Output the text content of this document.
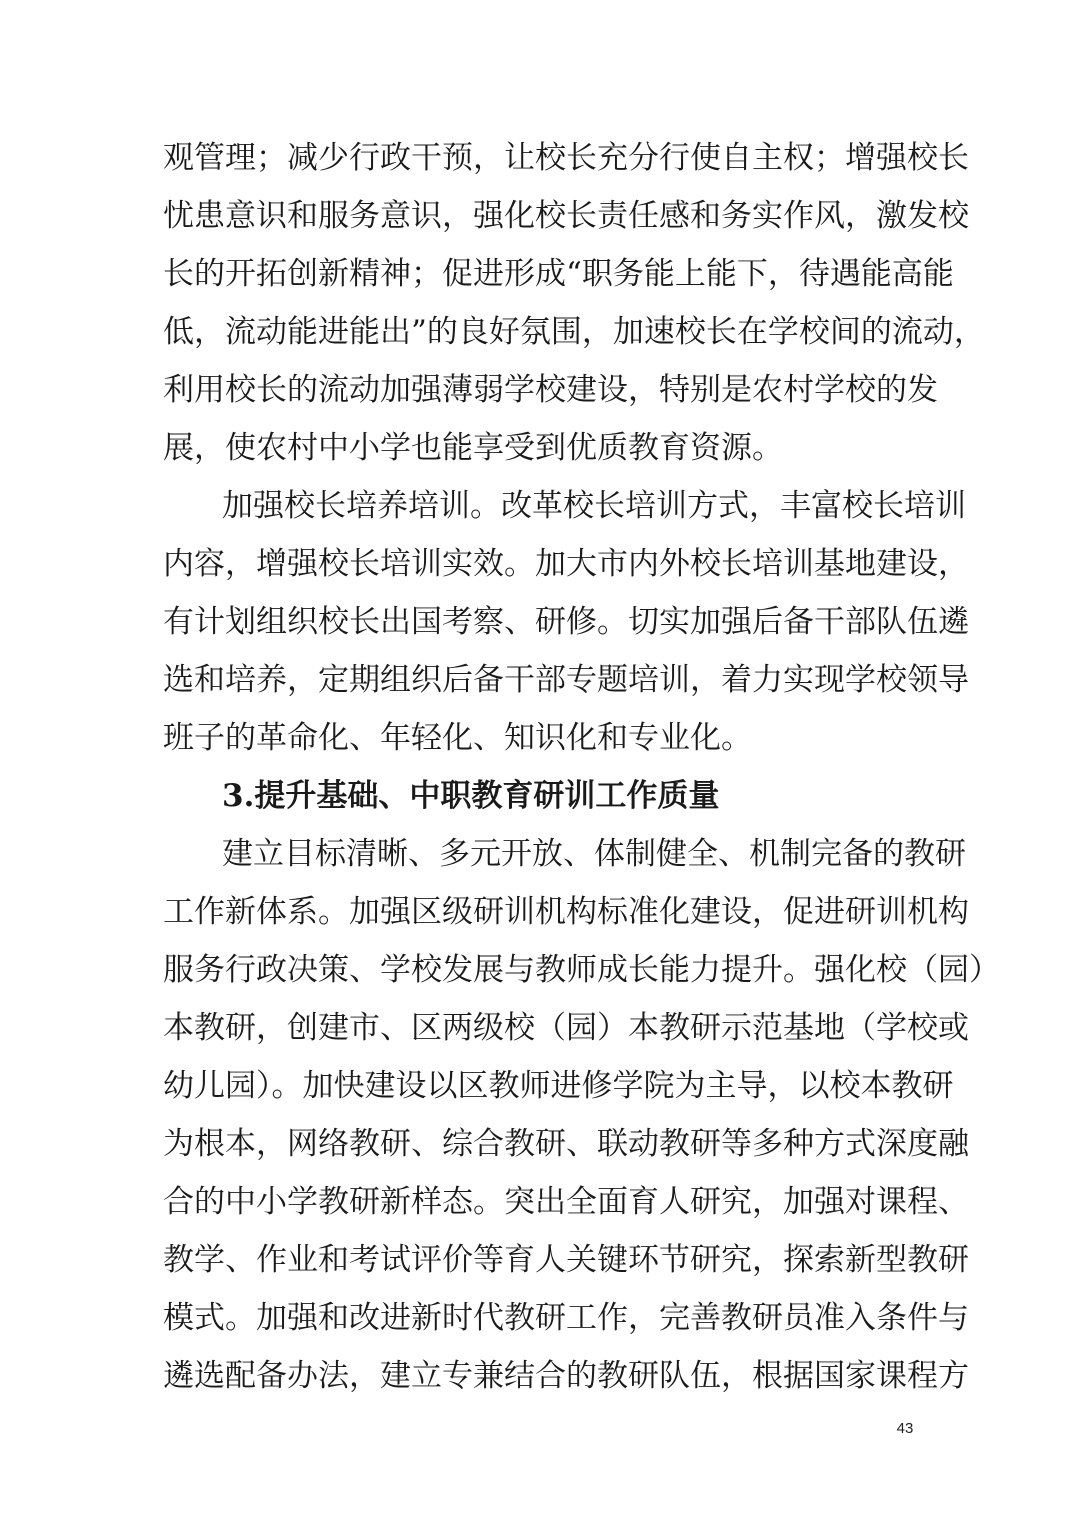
观管理；减少行政干预，让校长充分行使自主权；增强校长
忧患意识和服务意识，强化校长责任感和务实作风，激发校
长的开拓创新精神；促进形成“职务能上能下，待遇能高能
低，流动能进能出”的良好氛围，加速校长在学校间的流动，
利用校长的流动加强薄弱学校建设，特别是农村学校的发
展，使农村中小学也能享受到优质教育资源。
加强校长培养培训。改革校长培训方式，丰富校长培训
内容，增强校长培训实效。加大市内外校长培训基地建设，
有计划组织校长出国考察、研修。切实加强后备干部队伍遴
选和培养，定期组织后备干部专题培训，着力实现学校领导
班子的革命化、年轻化、知识化和专业化。
3.提升基础、中职教育研训工作质量
建立目标清晰、多元开放、体制健全、机制完备的教研
工作新体系。加强区级研训机构标准化建设，促进研训机构
服务行政决策、学校发展与教师成长能力提升。强化校（园）
本教研，创建市、区两级校（园）本教研示范基地（学校或
幼儿园）。加快建设以区教师进修学院为主导，以校本教研
为根本，网络教研、综合教研、联动教研等多种方式深度融
合的中小学教研新样态。突出全面育人研究，加强对课程、
教学、作业和考试评价等育人关键环节研究，探索新型教研
模式。加强和改进新时代教研工作，完善教研员准入条件与
遴选配备办法，建立专兼结合的教研队伍，根据国家课程方
43
